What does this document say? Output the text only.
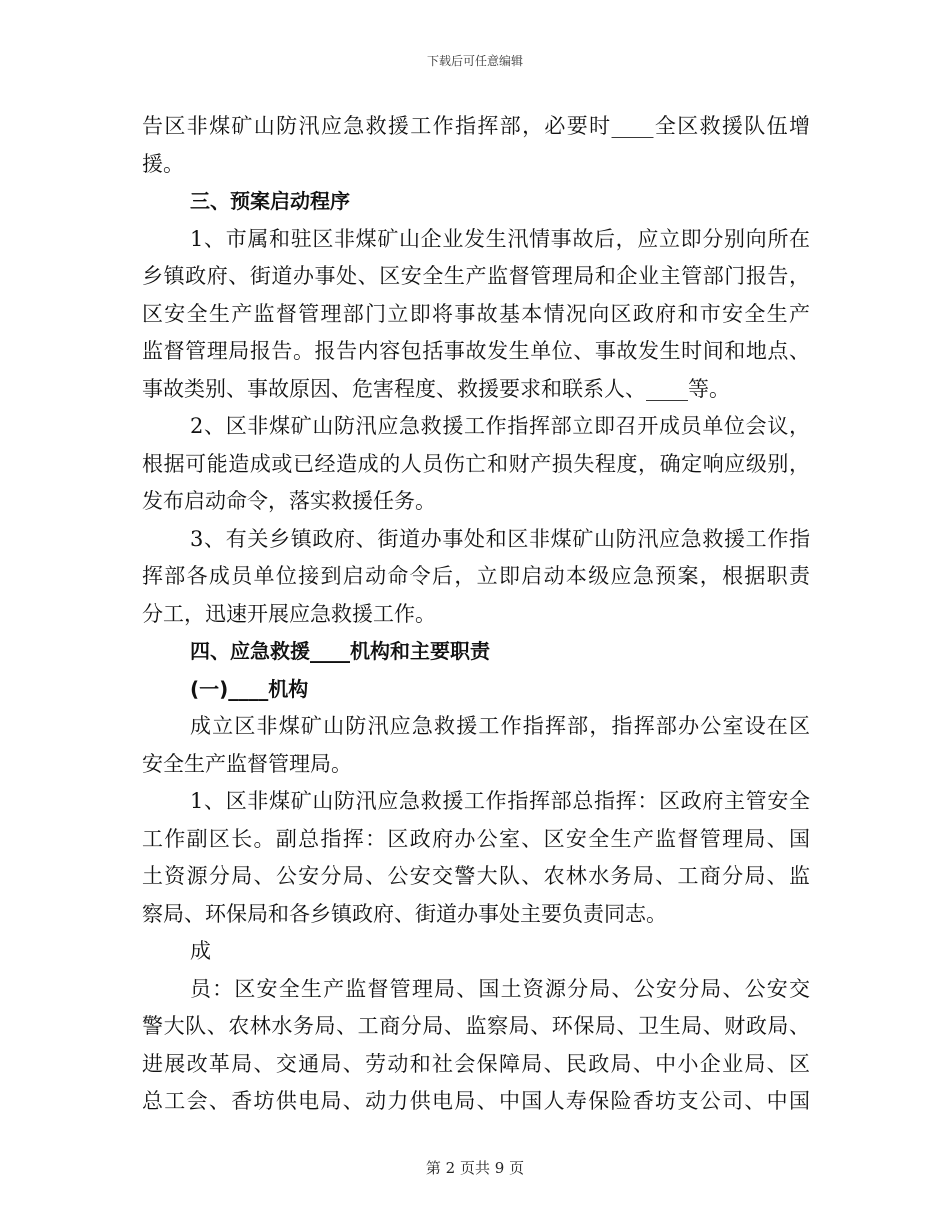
下载后可任意编辑
告区非煤矿山防汛应急救援工作指挥部，必要时____全区救援队伍增
援。
三、预案启动程序
1、市属和驻区非煤矿山企业发生汛情事故后，应立即分别向所在
乡镇政府、街道办事处、区安全生产监督管理局和企业主管部门报告，
区安全生产监督管理部门立即将事故基本情况向区政府和市安全生产
监督管理局报告。报告内容包括事故发生单位、事故发生时间和地点、
事故类别、事故原因、危害程度、救援要求和联系人、____等。
2、区非煤矿山防汛应急救援工作指挥部立即召开成员单位会议，
根据可能造成或已经造成的人员伤亡和财产损失程度，确定响应级别，
发布启动命令，落实救援任务。
3、有关乡镇政府、街道办事处和区非煤矿山防汛应急救援工作指
挥部各成员单位接到启动命令后，立即启动本级应急预案，根据职责
分工，迅速开展应急救援工作。
四、应急救援____机构和主要职责
(一)____机构
成立区非煤矿山防汛应急救援工作指挥部，指挥部办公室设在区
安全生产监督管理局。
1、区非煤矿山防汛应急救援工作指挥部总指挥：区政府主管安全
工作副区长。副总指挥：区政府办公室、区安全生产监督管理局、国
土资源分局、公安分局、公安交警大队、农林水务局、工商分局、监
察局、环保局和各乡镇政府、街道办事处主要负责同志。
成
员：区安全生产监督管理局、国土资源分局、公安分局、公安交
警大队、农林水务局、工商分局、监察局、环保局、卫生局、财政局、
进展改革局、交通局、劳动和社会保障局、民政局、中小企业局、区
总工会、香坊供电局、动力供电局、中国人寿保险香坊支公司、中国
第 2 页共 9 页
